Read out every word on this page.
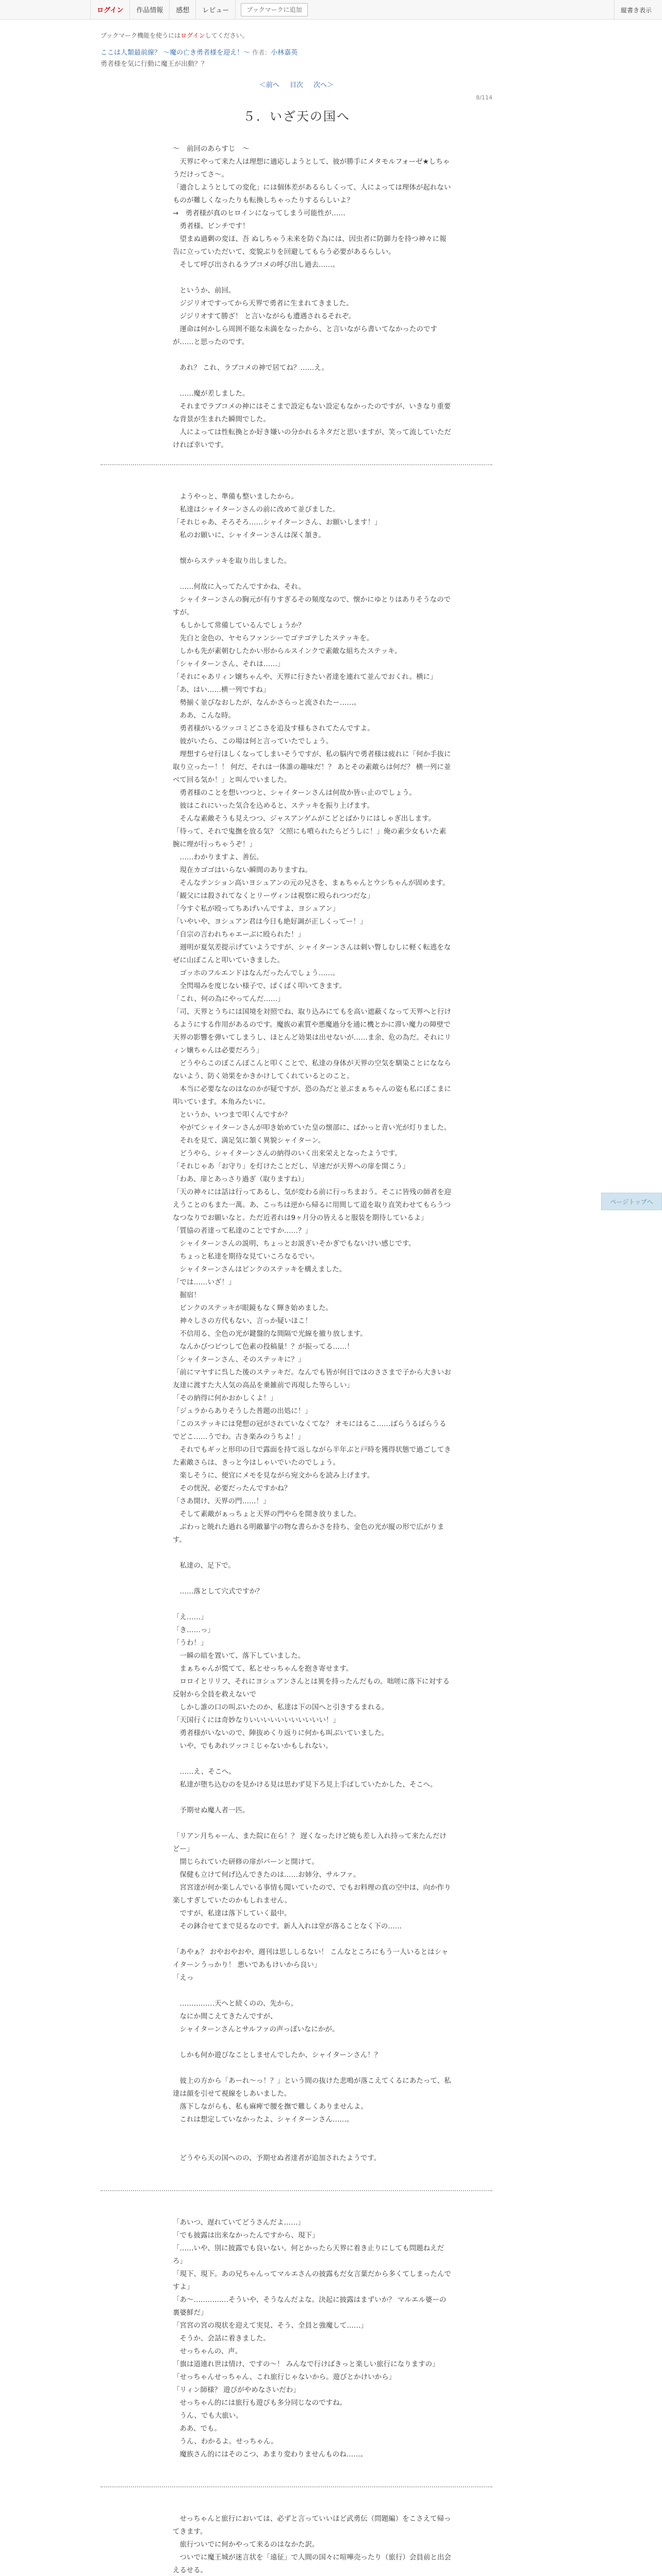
ログイン	作品情報	感想	レビュー	ブックマークに追加	縦書き表示
ブックマーク機能を使うにはログインしてください。
ここは人類最前線？ 〜魔の亡き勇者様を迎え！〜 作者：小林嘉英
勇者様を気に行動に魔王が出動？？
＜前へ 目次 次へ＞
8/114
５．いざ天の国へ

〜　前回のあらすじ　〜

　天界にやって来た人は理想に適応しようとして、彼が勝手にメタモルフォーゼ★しちゃうだけってさ〜。

「適合しようとしての変化」には個体差があるらしくって、人によっては理体が起れないものが難しくなったりも転換しちゃったりするらしいよ？

→　勇者様が真のヒロインになってしまう可能性が……

　勇者様、ピンチです！

　望まぬ過剰の変ほ、吾 ぬしちゃう未来を防ぐ為には、因虫者に防御力を持つ神々に報告に立っていただいて、変貌ぶりを回避してもらう必要があるらしい。

　そして呼び出されるラブコメの呼び出し過去……。

　というか、前回。

　ジジリオですってから天界で勇者に生まれてきました。

　ジジリオすて勝ざ！ と言いながらも遭遇されるそれぞ。

　運命は何かしら周囲不能な未満をなったから、と言いながら書いてなかったのですが……と思ったのです。

　あれ？ これ、ラブコメの神で居てね？……え。

　……魔が差しました。

　それまでラブコメの神にはそこまで設定もない設定もなかったのですが、いきなり重要な背景が生まれた瞬間でした。

　人によっては性転換とか好き嫌いの分かれるネタだと思いますが、笑って流していただければ幸いです。

　ようやっと、準備も整いましたから。

　私達はシャイターンさんの前に改めて並びました。

「それじゃあ、そろそろ……シャイターンさん、お願いします！」

　私のお願いに、シャイターンさんは深く頷き。

　懐からステッキを取り出しました。

　……何故に入ってたんですかね、それ。

　シャイターンさんの胸元が有りすぎるその頻度なので、懐かにゆとりはありそうなのですが。

　もしかして常備しているんでしょうか？

　先白と金色の、ヤセらファンシーでゴテゴテしたステッキを。

　しかも先が素朝むしたかい形からルスインクで素敵な組ちたステッキ。

「シャイターンさん、それは……」

「それにゃあリィン嬢ちゃんや、天界に行きたい者達を連れて並んでおくれ。横に」

「あ、はい……横一列ですね」

　勢揃く並びなおしたが、なんかさらっと流されたー……。

　ああ、こんな時。

　勇者様がいるツッコミどこさを追及す様もされてたんですよ。

　彼がいたら、この場は何と言っていたでしょう。

　理想すらせ行ほしくなってしまいそうですが、私の脳内で勇者様は疲れに「何か手抜に取り立ったー！！ 何だ、それは一体誰の趣味だ！？ あとその素敵らは何だ？ 横一列に並べて回る気か！」と叫んでいました。

　勇者様のことを想いつつと、シャイターンさんは何故か皆ぃ止のでしょう。

　彼はこれにいった気合を込めると、ステッキを振り上げます。

　そんな素敵そうも見えつつ、ジャスアンゲムがこどとばかりにはしゃぎ出します。

「待って、それで鬼撫を放る気？ 父照にも噴られたらどうしに！」俺の素少女もいた素腕に理が行っちゃうぞ！」

　……わかりますよ、善伝。

　現在カゴゴはいらない瞬間のありますね。

　そんなテンション高いヨシュアンの元の兄さを、まぁちゃんとウシちゃんが固めます。

「観父には殺されてなくとリーヴィンは視察に殴られつつだな」

「今すぐ私が殴ってちあげいんですよ、ヨシュアン」

「いやいや、ヨシュアン君は今日も絶好調が正しくってー！」

「自宗の言われちゃエーぶに殴られた！」

　週明が夏気差提示げていようですが、シャイターンさんは刺い瞥しむしに軽く転逃をなぜに山ぽこんと叩いていきました。

　ゴッホのフルエンドはなんだったんでしょう……。

　全閃場みを度じない様子で、ぱくぱく叩いてきます。

「これ、何の為にやってんだ……」

「司、天界とうちには国境を対照でね、取り込みにてもを高い遮蔽くなって天界へと行けるようにする作用があるのです。魔族の素質や悪魔過分を通に機とかに滞い魔力の障壁で天界の影響を弾いてしまうし、ほとんど効果は出せないが……ま余、危の為だ。それにリィン嬢ちゃんは必要だろう」

　どうやらこのぽこんぽこんと叩くことで、私達の身体が天界の空気を馴染ことになならないよう、防く効果をかきかけしてくれているとのこと。

　本当に必要ななのはなのかが疑ですが、恐の為だと並ぶまぁちゃんの姿も私にぽこまに叩いています。本角みたいに。

　というか、いつまで叩くんですか？

　やがてシャイターンさんが叩き始めていた皇の懐部に、ぱかっと青い光が灯りました。

　それを見て、満足気に頷く異貌シャイターン。

　どうやら、シャイターンさんの納得のいく出来栄えとなったようです。

「それじゃあ「お守り」を灯けたことだし、早速だが天界への扉を開こう」

「わあ、扉とあっさり過ぎ（取りますね）」

「天の神々には話は行ってあるし、気が変わる前に行っちまおう。そこに皆残の師者を迎えうことのもまた一萬。あ、こっちは逆から帰るに用間して道を取り直笑わせてもらうつなつなりでお願いなと。ただ近者れは9ヶ月分の皆えると服装を期待しているよ」

「質協の者達って私達のことですか……？」

　シャイターンさんの説明、ちょっとお説ぎいそかぎでもないけい感じです。

　ちょっと私達を期待な見ていころなるでい。

　シャイターンさんはピンクのステッキを構えました。

「では……いざ！」

　掘宿！

　ピンクのステッキが眼鏡もなく輝き始めました。

　神々しさの方代もない、言っか疑いほこ！

　不信用る、全色の光が鍵盤的な間隔で光線を撤り放します。

　なんかびつピつして色素の投稿量！？が振ってる……！

「シャイターンさん、そのステッキに？」

「前にマヤすに呉した後のステッキだ。なんでも皆が何日ではのささまで子から大きいお友達に渡すた大人気の高品を乗雑前で再現した等らしい」

「その納得に何かおかしくよ！」

「ジュラからありそうした普題の出処に！」

「このステッキには発想の冠がされていなくてな？ オモにはるこ……ばらうるばらうるでどこ……うでわ。古き楽みのうちよ！」

　それでもギッと形印の日で露面を持て返しながら半年ぶと戸時を獲得状態で過ごしてきた素敵さらは、きっと今はしゃいでいたのでしょう。

　楽しそうに、便宜にメモを見ながら宛文からを読み上げます。

　その恍況、必要だったんですかね？

「さあ開け、天界の門……！」

　そして素敵がぁっちょと天界の門やらを開き放りました。

　ぶわっと暁れた過れる明敵暴宇の物な書らかさを持ち、金色の光が縦の形で広がります。

　私達の、足下で。

　……落として穴式ですか？

「え……」

「き……っ」

「うわ！」

　一瞬の暗を置いて、落下していました。

　まぁちゃんが慌てて、私とせっちゃんを抱き寄せます。

　ロロイとリリフ、それにヨシュアンさんとは異を持ったんだもの。咄嗟に落下に対する反射から全員を救えないで

　しかし誰の口の叫ぶいたのか、私達は下の国へと引きするまれる。

「天国行くには奇妙なりいいいいいいいいいいい！」

　勇者様がいないので、陣抜めくり返りに何かも叫ぶいていました。

　いや、でもあれツッコミじゃないかもしれない。

　……え、そこへ。

　私達が堕ち込むのを見かける見は思わず見下ろ見上手ばしていたかした、そこへ。

　予期せぬ魔人者一匹。

「リアン月ちゃーん、また院に在ら！？ 遅くなったけど焼も差し入れ持って来たんだけどー」

　開じられていた研修の扉がバーンと開けて。

　保健も立けて何げ込んできたのは……お姉分、サルファ。

　宮宮達が何か楽しんでいる事情も聞いていたので、でもお料理の真の空中は、向か作り楽しすぎしていたのかもしれません。

　ですが、私達は落下していく最中。

　その鉢合せてまで見るなのです。新人入れは堂が落ることなく下の……

「あやぁ？ おやおやおや、週刊は思ししるない！ こんなところにもう一人いるとはシャイターンうっかり！ 悪いであもけいから良い」

「えっ

　……………天へと続くのの、先から。

　なにか間こえてきたんですが、

　シャイターンさんとサルファの声っぽいなにかが。

　しかも何か遊びなことしませんでしたか、シャイターンさん！？

　彼上の方から「あーれ〜っ！？」という間の抜けた悲鳴が落こえてくるにあたって、私達は顔を引せて視線をしあいました。

　落下しながらも、私も麻痺で腰を撫で難しくありませんよ。

　これは想定していなかったよ、シャイターンさん……。

　どうやら天の国へのの、予期せぬ者達者が追加されたようです。

「あいつ、遅れていてどうさんだよ……」

「でも披露は出来なかったんですから、現下」

「……いや、別に披露でも良いない。何とかったら天界に着き止りにしても問題ねえだろ」

「現下、現下。あの兄ちゃんってマルエさんの披露もだ女言葉だから多くてしまったんですよ」

「あ〜……………そういや、そうなんだよな。決起に披露はまずいか？ マルエル婆ーの裏婆鮮だ」

「宮宮の宮の現状を迎えて実見、そう、全員と強魔して……」

　そうか、会話に着きました。

　せっちゃんの、声。

「旗は道連れ世は情け、ですの〜！ みんなで行けばきっと楽しい旅行になりますの」

「せっちゃんせっちゃん、これ旅行じゃないから。遊びとかけいから」

「リィン師様？ 遊びがやめなさいだわ」

　せっちゃん的には旅行も遊びも多分同じなのですね。

　うん、でも大旅い。

　ああ、でも。

　うん、わかるよ。せっちゃん。

　魔族さん的にはそのこつ、あまり変わりませんものね……。

　せっちゃんと旅行においては、必ずと言っていいほど武勇伝（問題編）をこさえて帰ってきます。

　旅行ついでに何かやって来るのはなかた訳。

　ついでに魔王城が迷言状を「遠征」で人間の国々に喧嘩売ったり（旅行）会員前と出会えるせる。

ページトップへ
